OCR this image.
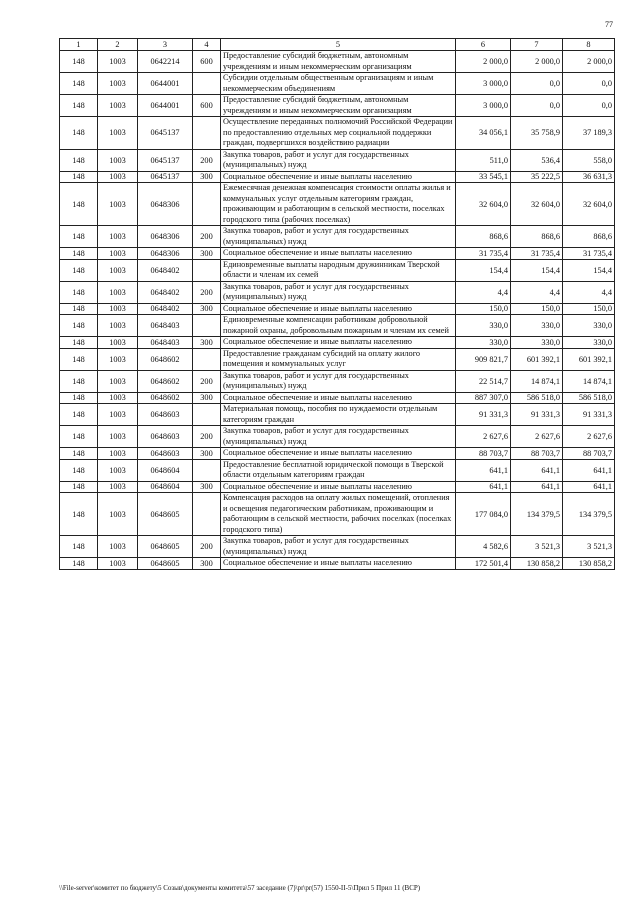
77
1	2	3	4	5	6	7	8
148	1003	0642214	600	Предоставление субсидий бюджетным, автономным учреждениям и иным некоммерческим организациям	2 000,0	2 000,0	2 000,0
148	1003	0644001		Субсидии отдельным общественным организациям и иным некоммерческим объединениям	3 000,0	0,0	0,0
148	1003	0644001	600	Предоставление субсидий бюджетным, автономным учреждениям и иным некоммерческим организациям	3 000,0	0,0	0,0
148	1003	0645137		Осуществление переданных полномочий Российской Федерации по предоставлению отдельных мер социальной поддержки граждан, подвергшихся воздействию радиации	34 056,1	35 758,9	37 189,3
148	1003	0645137	200	Закупка товаров, работ и услуг для государственных (муниципальных) нужд	511,0	536,4	558,0
148	1003	0645137	300	Социальное обеспечение и иные выплаты населению	33 545,1	35 222,5	36 631,3
148	1003	0648306		Ежемесячная денежная компенсация стоимости оплаты жилья и коммунальных услуг отдельным категориям граждан, проживающим и работающим в сельской местности, поселках городского типа (рабочих поселках)	32 604,0	32 604,0	32 604,0
148	1003	0648306	200	Закупка товаров, работ и услуг для государственных (муниципальных) нужд	868,6	868,6	868,6
148	1003	0648306	300	Социальное обеспечение и иные выплаты населению	31 735,4	31 735,4	31 735,4
148	1003	0648402		Единовременные выплаты народным дружинникам Тверской области и членам их семей	154,4	154,4	154,4
148	1003	0648402	200	Закупка товаров, работ и услуг для государственных (муниципальных) нужд	4,4	4,4	4,4
148	1003	0648402	300	Социальное обеспечение и иные выплаты населению	150,0	150,0	150,0
148	1003	0648403		Единовременные компенсации работникам добровольной пожарной охраны, добровольным пожарным и членам их семей	330,0	330,0	330,0
148	1003	0648403	300	Социальное обеспечение и иные выплаты населению	330,0	330,0	330,0
148	1003	0648602		Предоставление гражданам субсидий на оплату жилого помещения и коммунальных услуг	909 821,7	601 392,1	601 392,1
148	1003	0648602	200	Закупка товаров, работ и услуг для государственных (муниципальных) нужд	22 514,7	14 874,1	14 874,1
148	1003	0648602	300	Социальное обеспечение и иные выплаты населению	887 307,0	586 518,0	586 518,0
148	1003	0648603		Материальная помощь, пособия по нуждаемости отдельным категориям граждан	91 331,3	91 331,3	91 331,3
148	1003	0648603	200	Закупка товаров, работ и услуг для государственных (муниципальных) нужд	2 627,6	2 627,6	2 627,6
148	1003	0648603	300	Социальное обеспечение и иные выплаты населению	88 703,7	88 703,7	88 703,7
148	1003	0648604		Предоставление бесплатной юридической помощи в Тверской области отдельным категориям граждан	641,1	641,1	641,1
148	1003	0648604	300	Социальное обеспечение и иные выплаты населению	641,1	641,1	641,1
148	1003	0648605		Компенсация расходов на оплату жилых помещений, отопления и освещения педагогическим работникам, проживающим и работающим в сельской местности, рабочих поселках (поселках городского типа)	177 084,0	134 379,5	134 379,5
148	1003	0648605	200	Закупка товаров, работ и услуг для государственных (муниципальных) нужд	4 582,6	3 521,3	3 521,3
148	1003	0648605	300	Социальное обеспечение и иные выплаты населению	172 501,4	130 858,2	130 858,2
\\File-server\комитет по бюджету\5 Созыв\документы комитета\57 заседание (7)\pr\pr(57) 1550-II-5\Прил 5 Прил 11 (ВСР)
